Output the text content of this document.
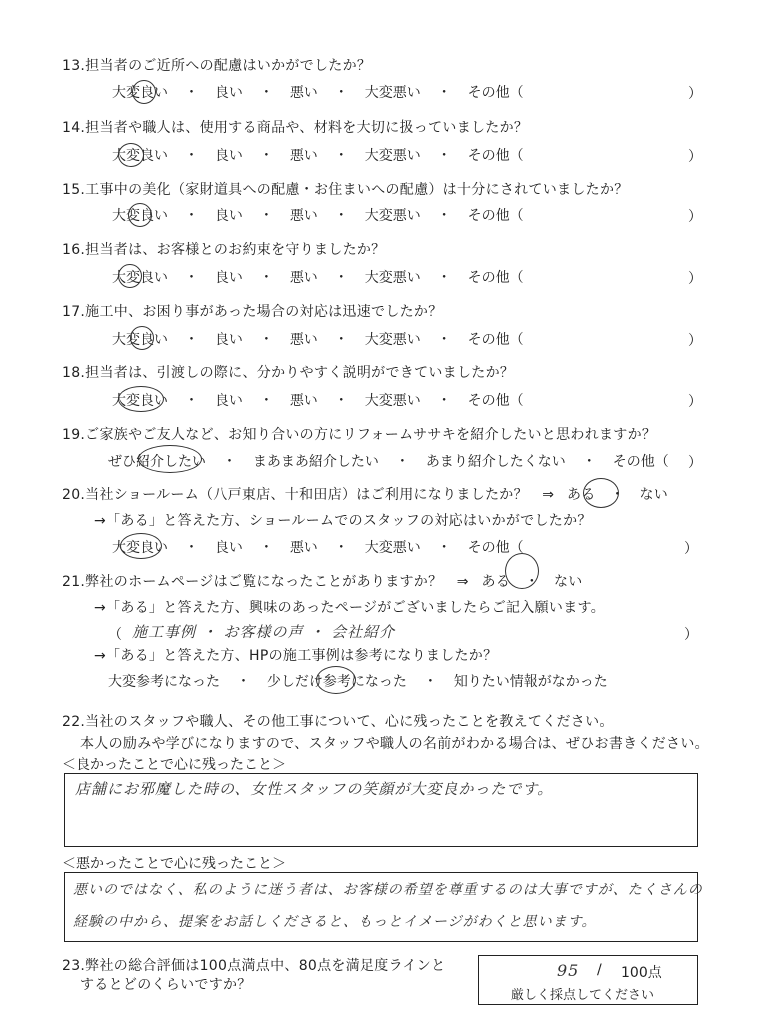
13.担当者のご近所への配慮はいかがでしたか？
大変良い ・ 良い ・ 悪い ・ 大変悪い ・ その他（	）
14.担当者や職人は、使用する商品や、材料を大切に扱っていましたか？
大変良い ・ 良い ・ 悪い ・ 大変悪い ・ その他（	）
15.工事中の美化（家財道具への配慮・お住まいへの配慮）は十分にされていましたか？
大変良い ・ 良い ・ 悪い ・ 大変悪い ・ その他（	）
16.担当者は、お客様とのお約束を守りましたか？
大変良い ・ 良い ・ 悪い ・ 大変悪い ・ その他（	）
17.施工中、お困り事があった場合の対応は迅速でしたか？
大変良い ・ 良い ・ 悪い ・ 大変悪い ・ その他（	）
18.担当者は、引渡しの際に、分かりやすく説明ができていましたか？
大変良い ・ 良い ・ 悪い ・ 大変悪い ・ その他（	）
19.ご家族やご友人など、お知り合いの方にリフォームササキを紹介したいと思われますか？
ぜひ紹介したい ・ まあまあ紹介したい ・ あまり紹介したくない ・ その他（ ）
20.当社ショールーム（八戸東店、十和田店）はご利用になりましたか？　⇒ ある ・ ない
→「ある」と答えた方、ショールームでのスタッフの対応はいかがでしたか？
大変良い ・ 良い ・ 悪い ・ 大変悪い ・ その他（	）
21.弊社のホームページはご覧になったことがありますか？　⇒ ある ・ ない
→「ある」と答えた方、興味のあったページがございましたらご記入願います。
（ 施工事例 ・ お客様の声 ・ 会社紹介	）
→「ある」と答えた方、HPの施工事例は参考になりましたか？
大変参考になった ・ 少しだけ参考になった ・ 知りたい情報がなかった
22.当社のスタッフや職人、その他工事について、心に残ったことを教えてください。
本人の励みや学びになりますので、スタッフや職人の名前がわかる場合は、ぜひお書きください。
＜良かったことで心に残ったこと＞
店舗にお邪魔した時の、女性スタッフの笑顔が大変良かったです。
＜悪かったことで心に残ったこと＞
悪いのではなく、私のように迷う者は、お客様の希望を尊重するのは大事ですが、たくさんの
経験の中から、提案をお話しくださると、もっとイメージがわくと思います。
23.弊社の総合評価は100点満点中、80点を満足度ラインと
するとどのくらいですか？
95 / 100点
厳しく採点してください
